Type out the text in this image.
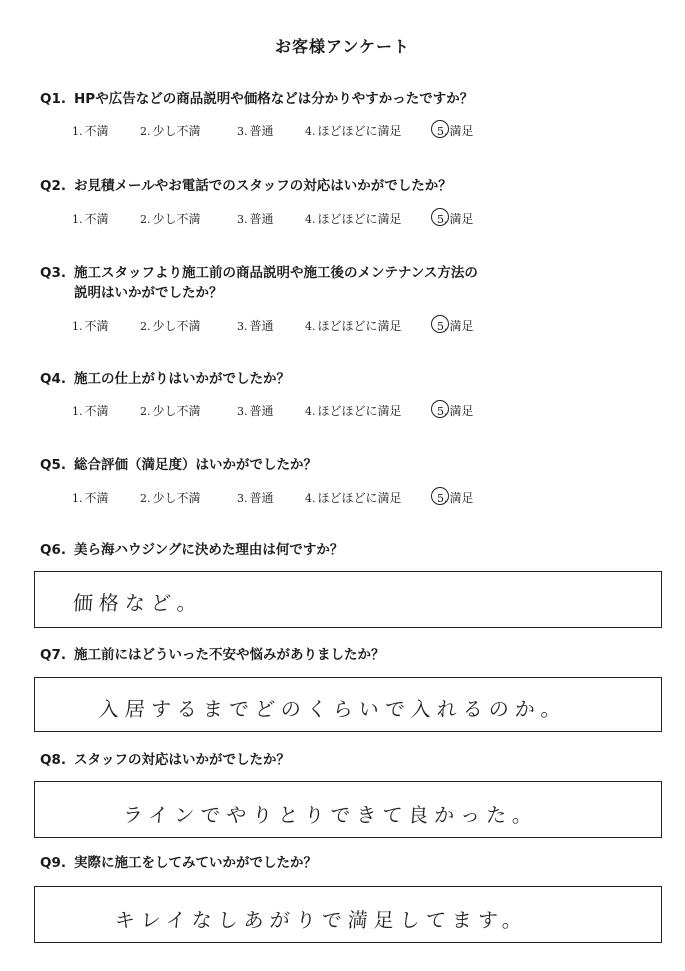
お客様アンケート
Q1. HPや広告などの商品説明や価格などは分かりやすかったですか？
1. 不満	2. 少し不満	3. 普通	4. ほどほどに満足	5. 満足
Q2. お見積メールやお電話でのスタッフの対応はいかがでしたか？
1. 不満	2. 少し不満	3. 普通	4. ほどほどに満足	5. 満足
Q3. 施工スタッフより施工前の商品説明や施工後のメンテナンス方法の
説明はいかがでしたか？
1. 不満	2. 少し不満	3. 普通	4. ほどほどに満足	5. 満足
Q4. 施工の仕上がりはいかがでしたか？
1. 不満	2. 少し不満	3. 普通	4. ほどほどに満足	5. 満足
Q5. 総合評価（満足度）はいかがでしたか？
1. 不満	2. 少し不満	3. 普通	4. ほどほどに満足	5. 満足
Q6. 美ら海ハウジングに決めた理由は何ですか？
価格など。
Q7. 施工前にはどういった不安や悩みがありましたか？
入居するまでどのくらいで入れるのか。
Q8. スタッフの対応はいかがでしたか？
ラインでやりとりできて良かった。
Q9. 実際に施工をしてみていかがでしたか？
キレイなしあがりで満足してます。
